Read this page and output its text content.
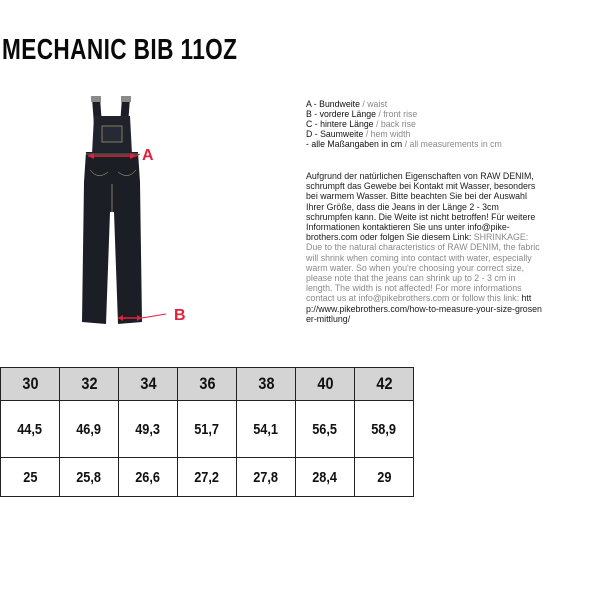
MECHANIC BIB 11OZ
A
B
A - Bundweite / waist
B - vordere Länge / front rise
C - hintere Länge / back rise
D - Saumweite / hem width
- alle Maßangaben in cm / all measurements in cm
Aufgrund der natürlichen Eigenschaften von RAW DENIM, schrumpft das Gewebe bei Kontakt mit Wasser, besonders bei warmem Wasser. Bitte beachten Sie bei der Auswahl Ihrer Größe, dass die Jeans in der Länge 2 - 3cm schrumpfen kann. Die Weite ist nicht betroffen! Für weitere Informationen kontaktieren Sie uns unter info@pike-brothers.com oder folgen Sie diesem Link: SHRINKAGE: Due to the natural characteristics of RAW DENIM, the fabric will shrink when coming into contact with water, especially warm water. So when you're choosing your correct size, please note that the jeans can shrink up to 2 - 3 cm in length. The width is not affected! For more informations contact us at info@pikebrothers.com or follow this link: http://www.pikebrothers.com/how-to-measure-your-size-grosener-mittlung/
30	32	34	36	38	40	42
44,5	46,9	49,3	51,7	54,1	56,5	58,9
25	25,8	26,6	27,2	27,8	28,4	29
